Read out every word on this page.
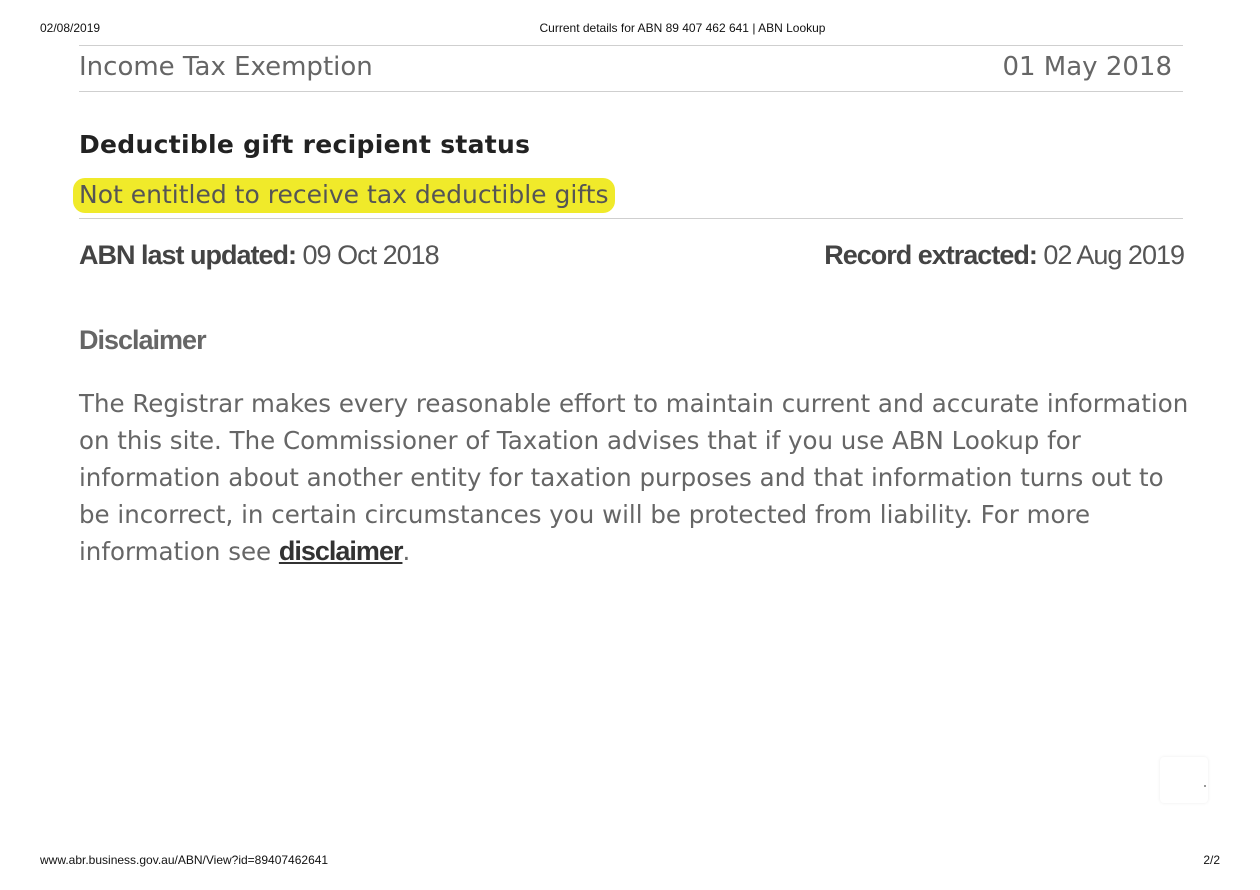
02/08/2019	Current details for ABN 89 407 462 641 | ABN Lookup
Income Tax Exemption	01 May 2018
Deductible gift recipient status
Not entitled to receive tax deductible gifts
ABN last updated: 09 Oct 2018	Record extracted: 02 Aug 2019
Disclaimer
The Registrar makes every reasonable effort to maintain current and accurate information on this site. The Commissioner of Taxation advises that if you use ABN Lookup for information about another entity for taxation purposes and that information turns out to be incorrect, in certain circumstances you will be protected from liability. For more information see disclaimer.
www.abr.business.gov.au/ABN/View?id=89407462641	2/2
